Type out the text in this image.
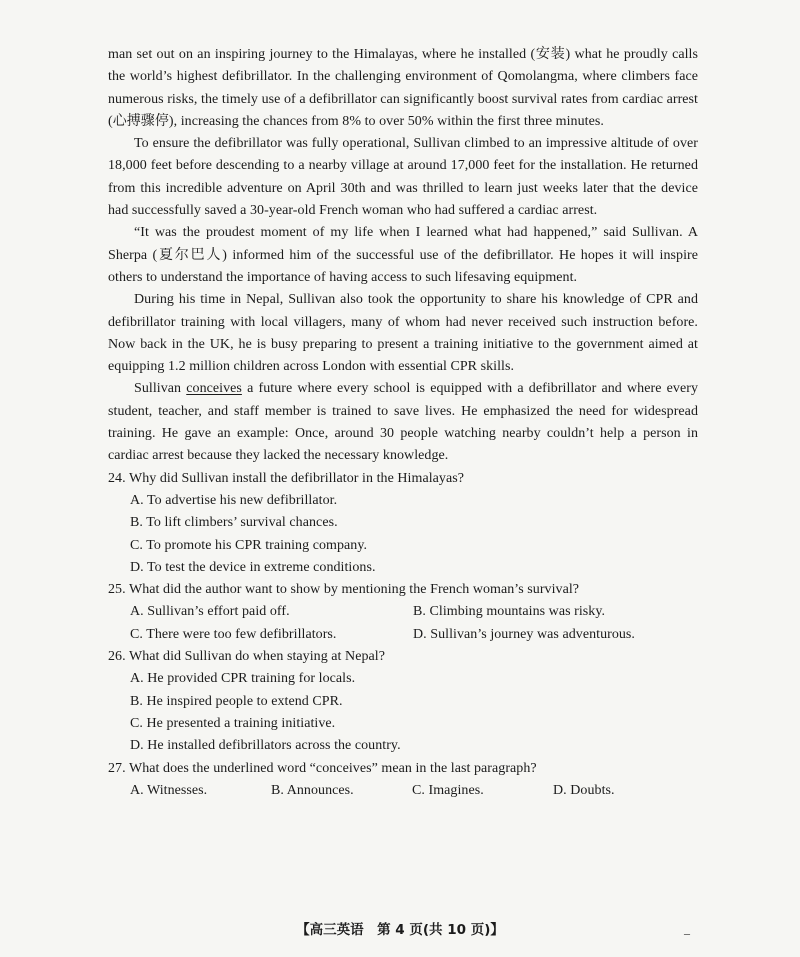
man set out on an inspiring journey to the Himalayas, where he installed (安装) what he proudly calls the world’s highest defibrillator. In the challenging environment of Qomolangma, where climbers face numerous risks, the timely use of a defibrillator can significantly boost survival rates from cardiac arrest (心搏骤停), increasing the chances from 8% to over 50% within the first three minutes.

To ensure the defibrillator was fully operational, Sullivan climbed to an impressive altitude of over 18,000 feet before descending to a nearby village at around 17,000 feet for the installation. He returned from this incredible adventure on April 30th and was thrilled to learn just weeks later that the device had successfully saved a 30-year-old French woman who had suffered a cardiac arrest.

“It was the proudest moment of my life when I learned what had happened,” said Sullivan. A Sherpa (夏尔巴人) informed him of the successful use of the defibrillator. He hopes it will inspire others to understand the importance of having access to such lifesaving equipment.

During his time in Nepal, Sullivan also took the opportunity to share his knowledge of CPR and defibrillator training with local villagers, many of whom had never received such instruction before. Now back in the UK, he is busy preparing to present a training initiative to the government aimed at equipping 1.2 million children across London with essential CPR skills.

Sullivan conceives a future where every school is equipped with a defibrillator and where every student, teacher, and staff member is trained to save lives. He emphasized the need for widespread training. He gave an example: Once, around 30 people watching nearby couldn’t help a person in cardiac arrest because they lacked the necessary knowledge.

24. Why did Sullivan install the defibrillator in the Himalayas?

A. To advertise his new defibrillator.

B. To lift climbers’ survival chances.

C. To promote his CPR training company.

D. To test the device in extreme conditions.

25. What did the author want to show by mentioning the French woman’s survival?

A. Sullivan’s effort paid off.	B. Climbing mountains was risky.
C. There were too few defibrillators.	D. Sullivan’s journey was adventurous.

26. What did Sullivan do when staying at Nepal?

A. He provided CPR training for locals.

B. He inspired people to extend CPR.

C. He presented a training initiative.

D. He installed defibrillators across the country.

27. What does the underlined word “conceives” mean in the last paragraph?

A. Witnesses.	B. Announces.	C. Imagines.	D. Doubts.
【高三英语　第 4 页(共 10 页)】	–
